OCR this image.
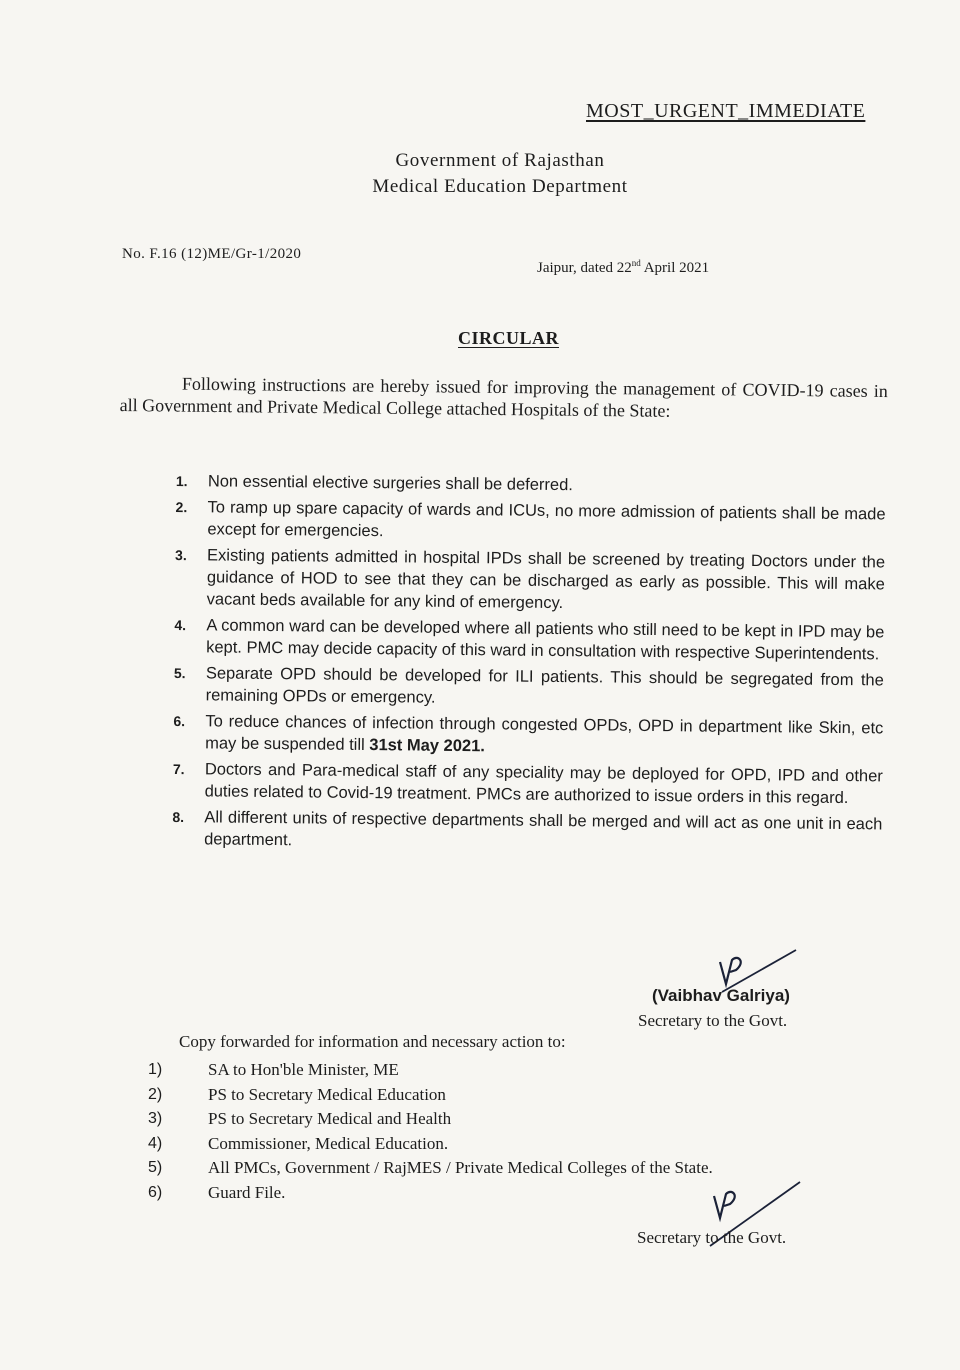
MOST_URGENT_IMMEDIATE
Government of Rajasthan
Medical Education Department
No. F.16 (12)ME/Gr-1/2020
Jaipur, dated 22nd April 2021
CIRCULAR
Following instructions are hereby issued for improving the management of COVID-19 cases in all Government and Private Medical College attached Hospitals of the State:
1.	Non essential elective surgeries shall be deferred.
2.	To ramp up spare capacity of wards and ICUs, no more admission of patients shall be made except for emergencies.
3.	Existing patients admitted in hospital IPDs shall be screened by treating Doctors under the guidance of HOD to see that they can be discharged as early as possible. This will make vacant beds available for any kind of emergency.
4.	A common ward can be developed where all patients who still need to be kept in IPD may be kept. PMC may decide capacity of this ward in consultation with respective Superintendents.
5.	Separate OPD should be developed for ILI patients. This should be segregated from the remaining OPDs or emergency.
6.	To reduce chances of infection through congested OPDs, OPD in department like Skin, etc may be suspended till 31st May 2021.
7.	Doctors and Para-medical staff of any speciality may be deployed for OPD, IPD and other duties related to Covid-19 treatment. PMCs are authorized to issue orders in this regard.
8.	All different units of respective departments shall be merged and will act as one unit in each department.
(Vaibhav Galriya)
Secretary to the Govt.
Copy forwarded for information and necessary action to:
1)	SA to Hon'ble Minister, ME
2)	PS to Secretary Medical Education
3)	PS to Secretary Medical and Health
4)	Commissioner, Medical Education.
5)	All PMCs, Government / RajMES / Private Medical Colleges of the State.
6)	Guard File.
Secretary to the Govt.
